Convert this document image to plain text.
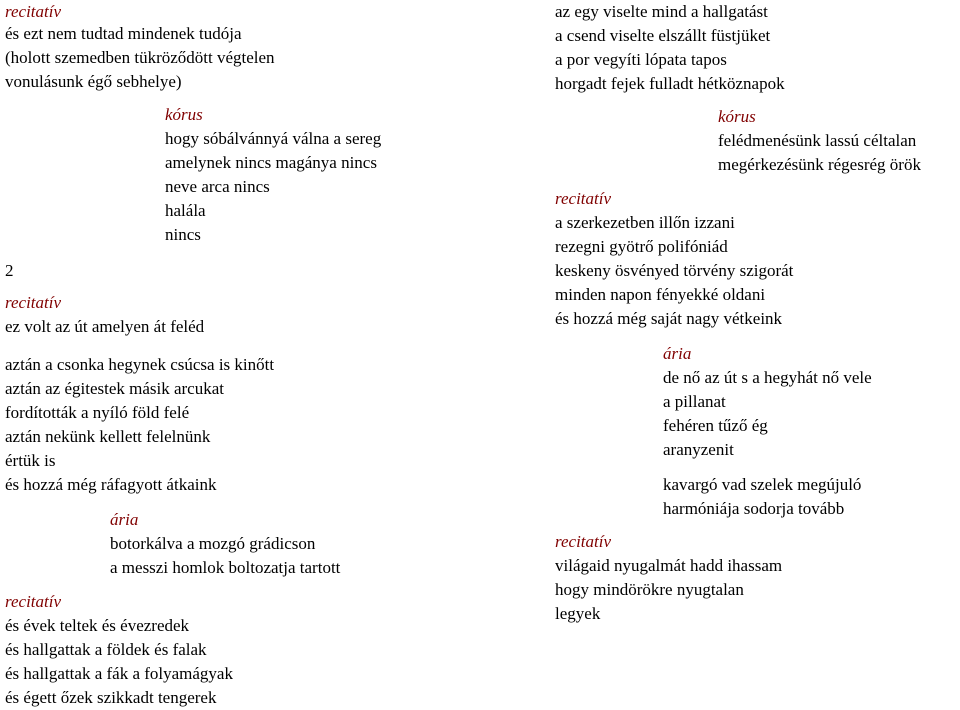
recitatív
és ezt nem tudtad mindenek tudója
(holott szemedben tükröződött végtelen
vonulásunk égő sebhelye)
kórus
hogy sóbálvánnyá válna a sereg
amelynek nincs magánya nincs
neve arca nincs
halála
nincs
2
recitatív
ez volt az út amelyen át feléd
aztán a csonka hegynek csúcsa is kinőtt
aztán az égitestek másik arcukat
fordították a nyíló föld felé
aztán nekünk kellett felelnünk
értük is
és hozzá még ráfagyott átkaink
ária
botorkálva a mozgó grádicson
a messzi homlok boltozatja tartott
recitatív
és évek teltek és évezredek
és hallgattak a földek és falak
és hallgattak a fák a folyamágyak
és égett őzek szikkadt tengerek
az egy viselte mind a hallgatást
a csend viselte elszállt füstjüket
a por vegyíti lópata tapos
horgadt fejek fulladt hétköznapok
kórus
felédmenésünk lassú céltalan
megérkezésünk régesrég örök
recitatív
a szerkezetben illőn izzani
rezegni gyötrő polifóniád
keskeny ösvényed törvény szigorát
minden napon fényekké oldani
és hozzá még saját nagy vétkeink
ária
de nő az út s a hegyhát nő vele
a pillanat
fehéren tűző ég
aranyzenit
kavargó vad szelek megújuló
harmóniája sodorja tovább
recitatív
világaid nyugalmát hadd ihassam
hogy mindörökre nyugtalan
legyek
